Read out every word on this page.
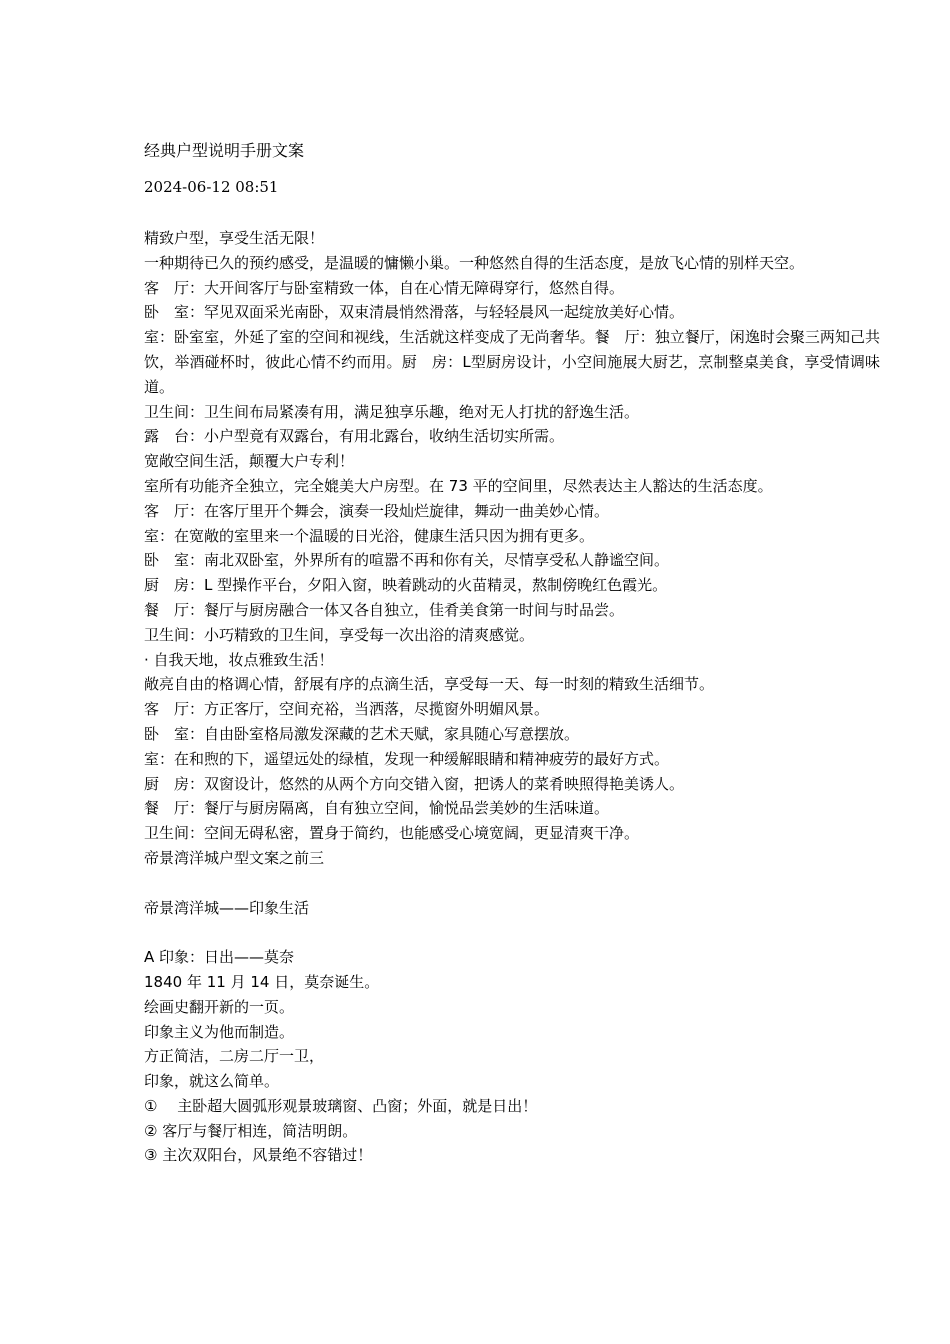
经典户型说明手册文案
2024-06-12 08:51
精致户型，享受生活无限！
一种期待已久的预约感受，是温暖的慵懒小巢。一种悠然自得的生活态度，是放飞心情的别样天空。
客　厅：大开间客厅与卧室精致一体，自在心情无障碍穿行，悠然自得。
卧　室：罕见双面采光南卧，双束清晨悄然滑落，与轻轻晨风一起绽放美好心情。
室：卧室室，外延了室的空间和视线，生活就这样变成了无尚奢华。餐　厅：独立餐厅，闲逸时会聚三两知己共饮，举酒碰杯时，彼此心情不约而用。厨　房：L型厨房设计，小空间施展大厨艺，烹制整桌美食，享受情调味道。
卫生间：卫生间布局紧凑有用，满足独享乐趣，绝对无人打扰的舒逸生活。
露　台：小户型竟有双露台，有用北露台，收纳生活切实所需。
宽敞空间生活，颠覆大户专利！
室所有功能齐全独立，完全媲美大户房型。在 73 平的空间里，尽然表达主人豁达的生活态度。
客　厅：在客厅里开个舞会，演奏一段灿烂旋律，舞动一曲美妙心情。
室：在宽敞的室里来一个温暖的日光浴，健康生活只因为拥有更多。
卧　室：南北双卧室，外界所有的喧嚣不再和你有关，尽情享受私人静谧空间。
厨　房：L 型操作平台，夕阳入窗，映着跳动的火苗精灵，熬制傍晚红色霞光。
餐　厅：餐厅与厨房融合一体又各自独立，佳肴美食第一时间与时品尝。
卫生间：小巧精致的卫生间，享受每一次出浴的清爽感觉。
· 自我天地，妆点雅致生活！
敞亮自由的格调心情，舒展有序的点滴生活，享受每一天、每一时刻的精致生活细节。
客　厅：方正客厅，空间充裕，当洒落，尽揽窗外明媚风景。
卧　室：自由卧室格局激发深藏的艺术天赋，家具随心写意摆放。
室：在和煦的下，遥望远处的绿植，发现一种缓解眼睛和精神疲劳的最好方式。
厨　房：双窗设计，悠然的从两个方向交错入窗，把诱人的菜肴映照得艳美诱人。
餐　厅：餐厅与厨房隔离，自有独立空间，愉悦品尝美妙的生活味道。
卫生间：空间无碍私密，置身于简约，也能感受心境宽阔，更显清爽干净。
帝景湾洋城户型文案之前三
帝景湾洋城——印象生活
A 印象：日出——莫奈
1840 年 11 月 14 日，莫奈诞生。
绘画史翻开新的一页。
印象主义为他而制造。
方正简洁，二房二厅一卫，
印象，就这么简单。
①　 主卧超大圆弧形观景玻璃窗、凸窗；外面，就是日出！
② 客厅与餐厅相连，简洁明朗。
③ 主次双阳台，风景绝不容错过！
